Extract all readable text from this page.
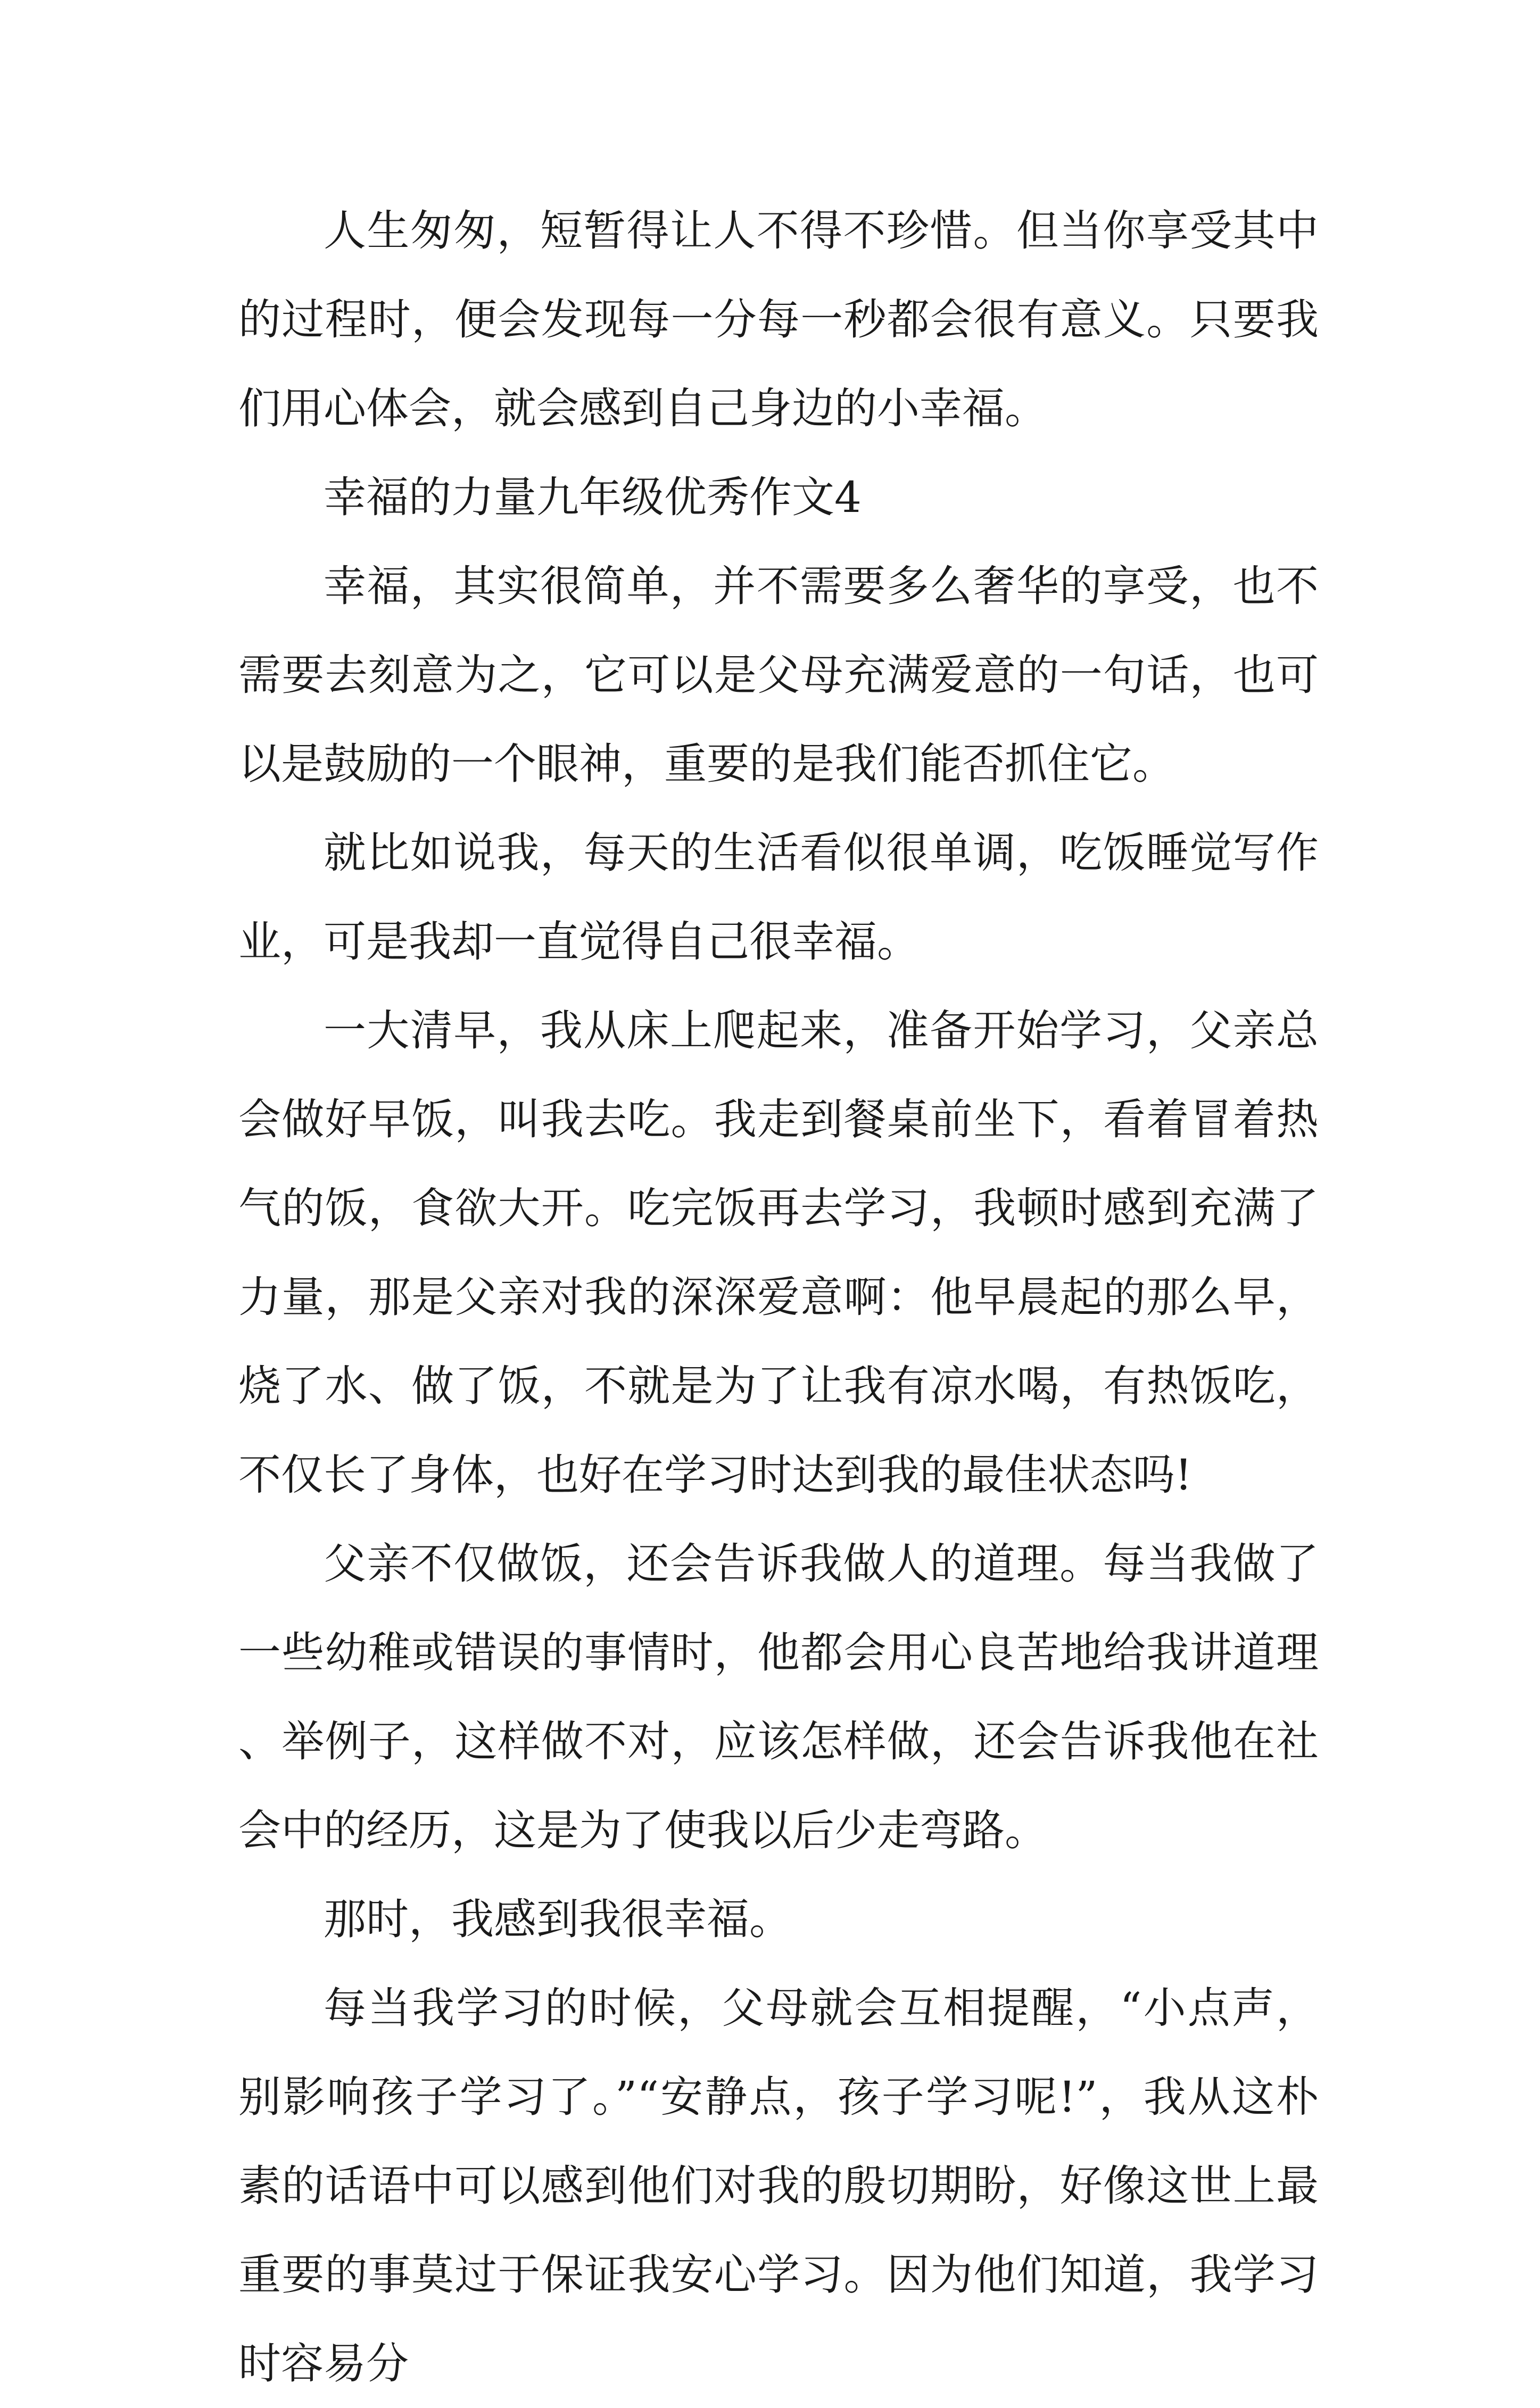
人生匆匆，短暂得让人不得不珍惜。但当你享受其中的过程时，便会发现每一分每一秒都会很有意义。只要我们用心体会，就会感到自己身边的小幸福。

幸福的力量九年级优秀作文4

幸福，其实很简单，并不需要多么奢华的享受，也不需要去刻意为之，它可以是父母充满爱意的一句话，也可以是鼓励的一个眼神，重要的是我们能否抓住它。

就比如说我，每天的生活看似很单调，吃饭睡觉写作业，可是我却一直觉得自己很幸福。

一大清早，我从床上爬起来，准备开始学习，父亲总会做好早饭，叫我去吃。我走到餐桌前坐下，看着冒着热气的饭，食欲大开。吃完饭再去学习，我顿时感到充满了力量，那是父亲对我的深深爱意啊：他早晨起的那么早，烧了水、做了饭，不就是为了让我有凉水喝，有热饭吃，不仅长了身体，也好在学习时达到我的最佳状态吗!

父亲不仅做饭，还会告诉我做人的道理。每当我做了一些幼稚或错误的事情时，他都会用心良苦地给我讲道理、举例子，这样做不对，应该怎样做，还会告诉我他在社会中的经历，这是为了使我以后少走弯路。

那时，我感到我很幸福。

每当我学习的时候，父母就会互相提醒，“小点声，别影响孩子学习了。”“安静点，孩子学习呢!”，我从这朴素的话语中可以感到他们对我的殷切期盼，好像这世上最重要的事莫过于保证我安心学习。因为他们知道，我学习时容易分
